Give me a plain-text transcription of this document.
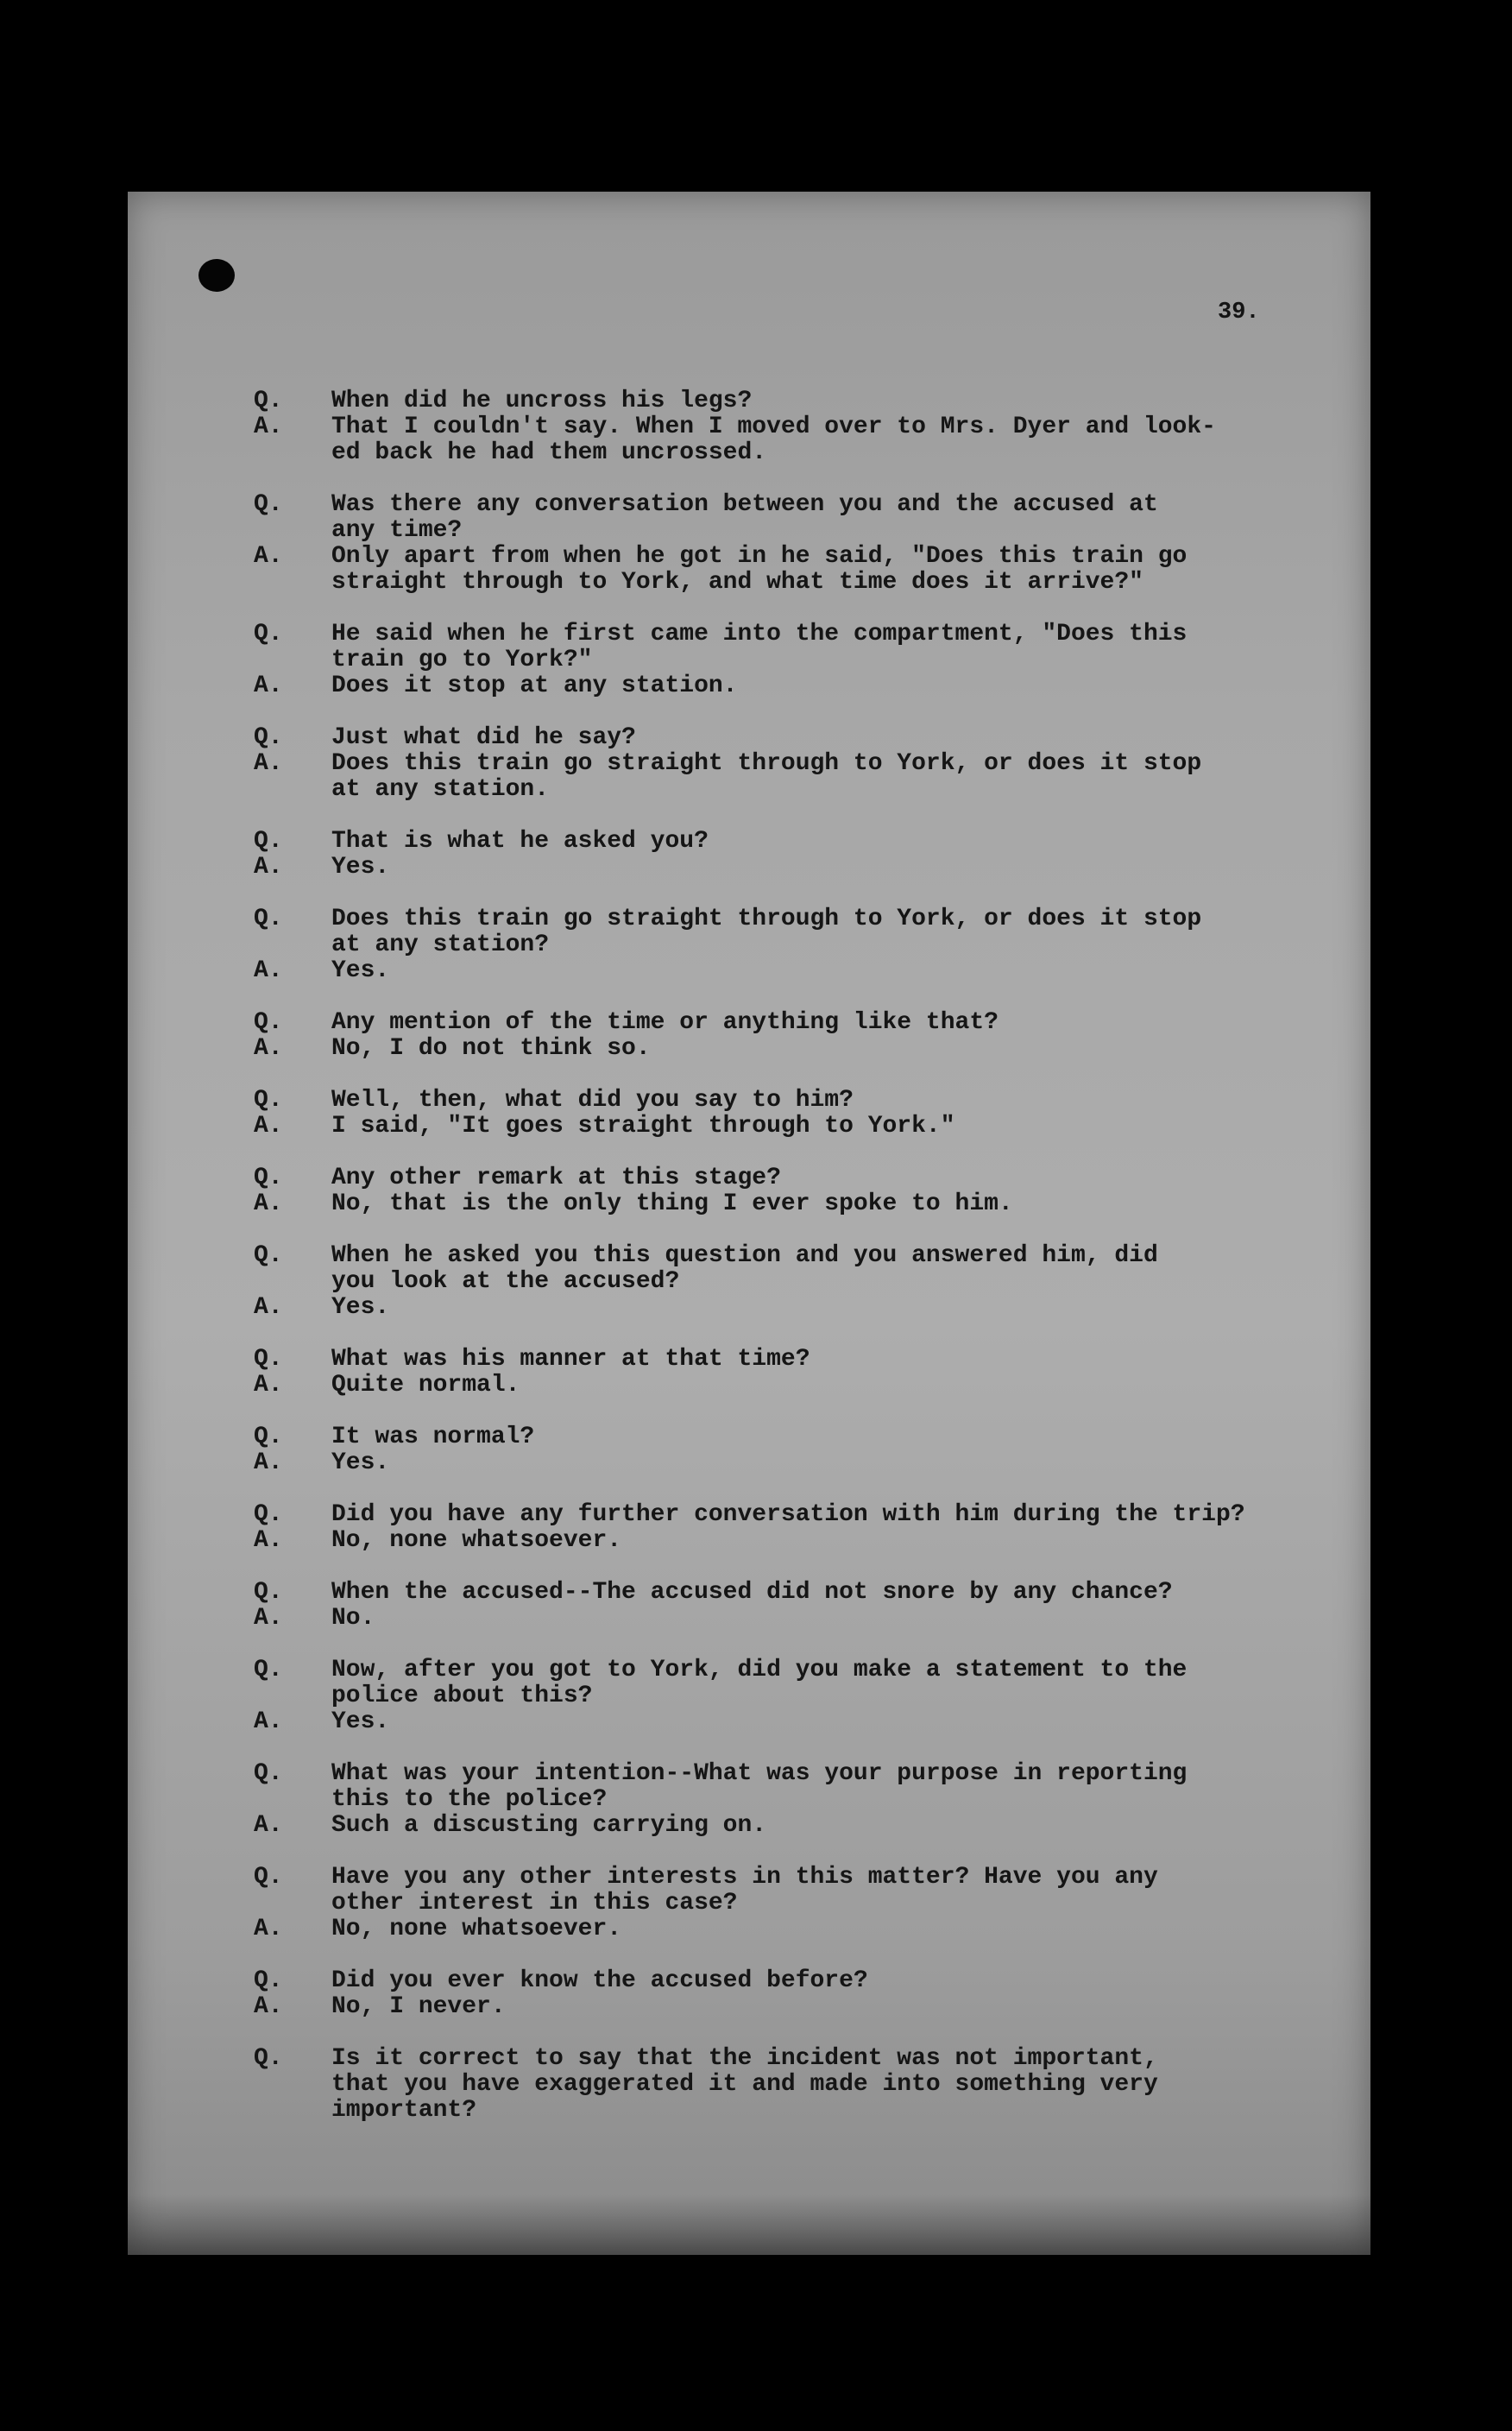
39.
Q.	When did he uncross his legs?
A.	That I couldn't say. When I moved over to Mrs. Dyer and look-
ed back he had them uncrossed.
Q.	Was there any conversation between you and the accused at
any time?
A.	Only apart from when he got in he said, "Does this train go
straight through to York, and what time does it arrive?"
Q.	He said when he first came into the compartment, "Does this
train go to York?"
A.	Does it stop at any station.
Q.	Just what did he say?
A.	Does this train go straight through to York, or does it stop
at any station.
Q.	That is what he asked you?
A.	Yes.
Q.	Does this train go straight through to York, or does it stop
at any station?
A.	Yes.
Q.	Any mention of the time or anything like that?
A.	No, I do not think so.
Q.	Well, then, what did you say to him?
A.	I said, "It goes straight through to York."
Q.	Any other remark at this stage?
A.	No, that is the only thing I ever spoke to him.
Q.	When he asked you this question and you answered him, did
you look at the accused?
A.	Yes.
Q.	What was his manner at that time?
A.	Quite normal.
Q.	It was normal?
A.	Yes.
Q.	Did you have any further conversation with him during the trip?
A.	No, none whatsoever.
Q.	When the accused--The accused did not snore by any chance?
A.	No.
Q.	Now, after you got to York, did you make a statement to the
police about this?
A.	Yes.
Q.	What was your intention--What was your purpose in reporting
this to the police?
A.	Such a discusting carrying on.
Q.	Have you any other interests in this matter? Have you any
other interest in this case?
A.	No, none whatsoever.
Q.	Did you ever know the accused before?
A.	No, I never.
Q.	Is it correct to say that the incident was not important,
that you have exaggerated it and made into something very
important?
